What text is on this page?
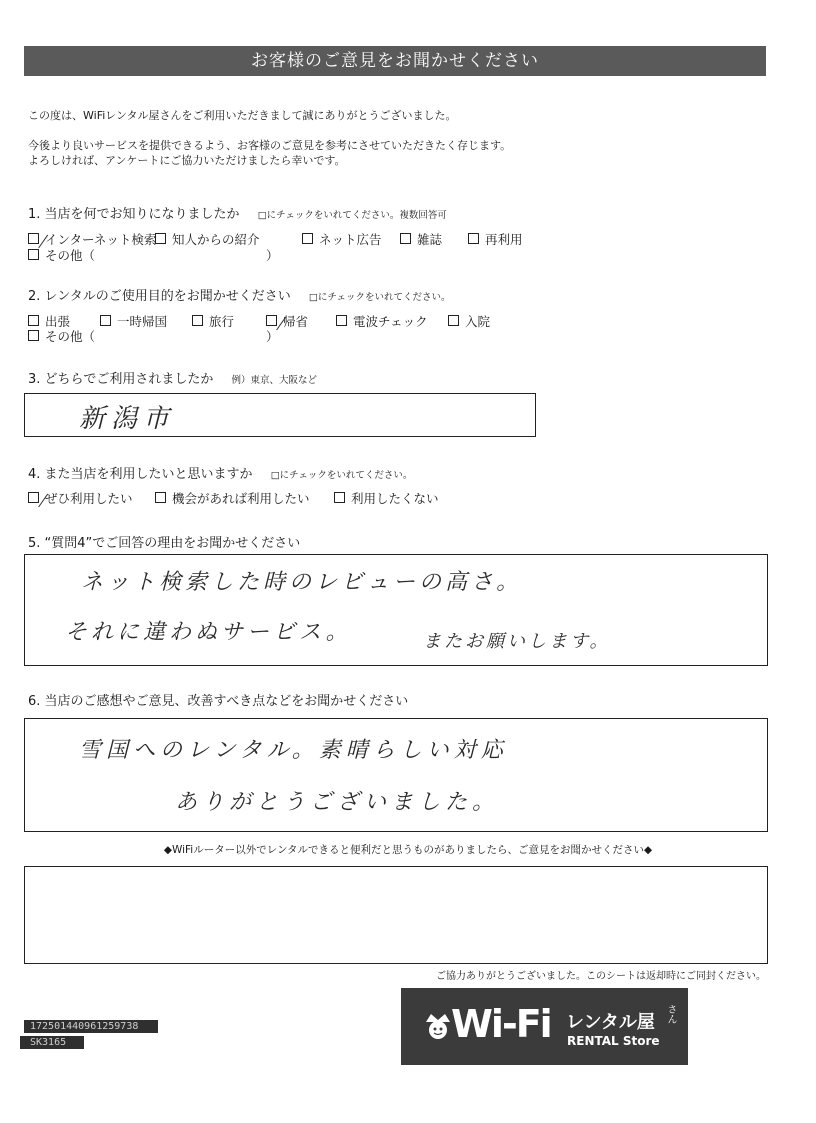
お客様のご意見をお聞かせください
この度は、WiFiレンタル屋さんをご利用いただきまして誠にありがとうございました。
今後より良いサービスを提供できるよう、お客様のご意見を参考にさせていただきたく存じます。
よろしければ、アンケートにご協力いただけましたら幸いです。
1. 当店を何でお知りになりましたか □にチェックをいれてください。複数回答可
インターネット検索	知人からの紹介	ネット広告	雑誌	再利用
その他（	）
2. レンタルのご使用目的をお聞かせください □にチェックをいれてください。
出張	一時帰国	旅行	帰省	電波チェック	入院
その他（	）
3. どちらでご利用されましたか 例）東京、大阪など
新潟市
4. また当店を利用したいと思いますか □にチェックをいれてください。
ぜひ利用したい	機会があれば利用したい	利用したくない
5. “質問4”でご回答の理由をお聞かせください
ネット検索した時のレビューの高さ。
それに違わぬサービス。	またお願いします。
6. 当店のご感想やご意見、改善すべき点などをお聞かせください
雪国へのレンタル。素晴らしい対応
ありがとうございました。
◆WiFiルーター以外でレンタルできると便利だと思うものがありましたら、ご意見をお聞かせください◆
ご協力ありがとうございました。このシートは返却時にご同封ください。
Wi-Fi レンタル屋 さん
RENTAL Store
172501440961259738
SK3165
